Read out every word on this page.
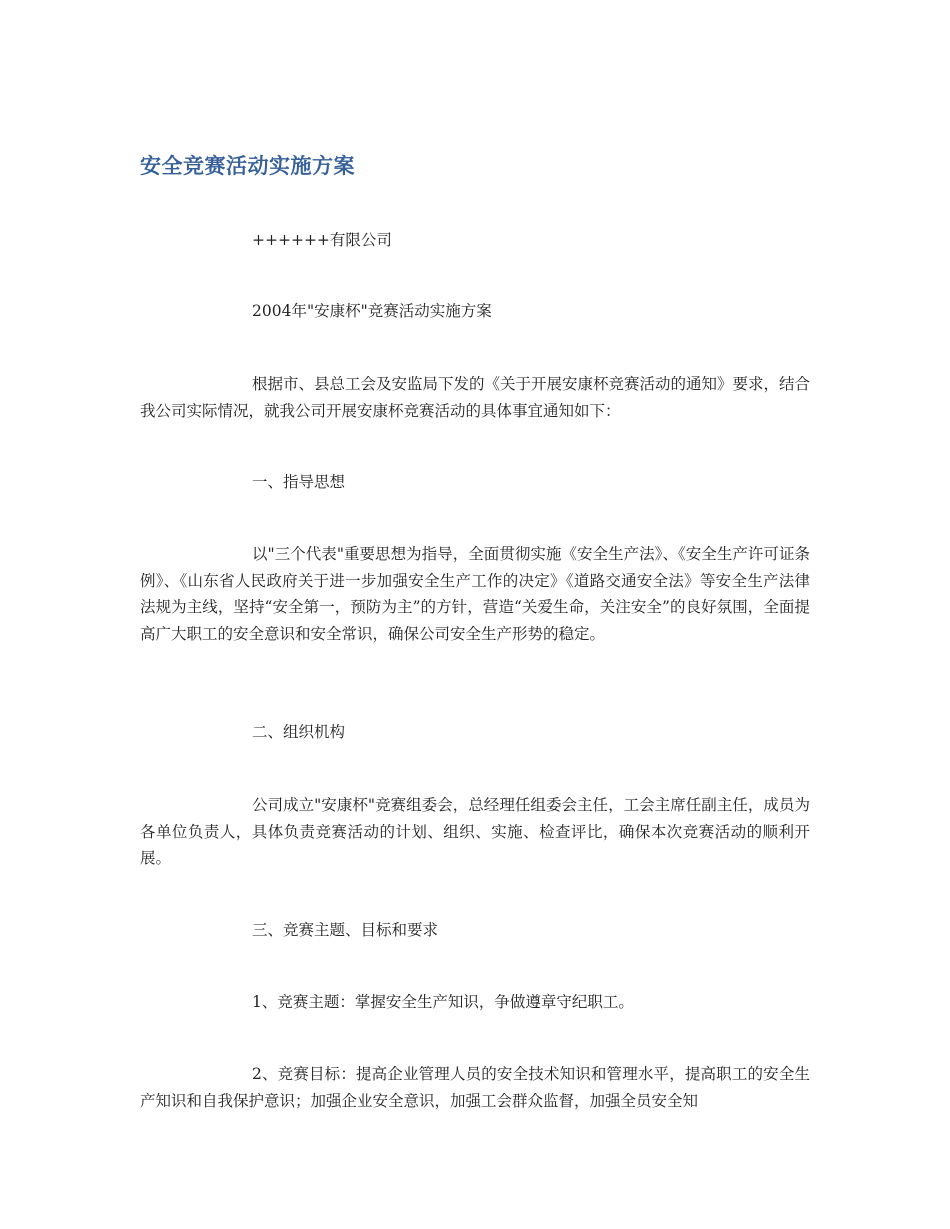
安全竞赛活动实施方案

++++++有限公司

2004年"安康杯"竞赛活动实施方案

根据市、县总工会及安监局下发的《关于开展安康杯竞赛活动的通知》要求，结合我公司实际情况，就我公司开展安康杯竞赛活动的具体事宜通知如下：

一、指导思想

以"三个代表"重要思想为指导，全面贯彻实施《安全生产法》、《安全生产许可证条例》、《山东省人民政府关于进一步加强安全生产工作的决定》《道路交通安全法》等安全生产法律法规为主线，坚持“安全第一，预防为主”的方针，营造“关爱生命，关注安全”的良好氛围，全面提高广大职工的安全意识和安全常识，确保公司安全生产形势的稳定。

二、组织机构

公司成立"安康杯"竞赛组委会，总经理任组委会主任，工会主席任副主任，成员为各单位负责人，具体负责竞赛活动的计划、组织、实施、检查评比，确保本次竞赛活动的顺利开展。

三、竞赛主题、目标和要求

1、竞赛主题：掌握安全生产知识，争做遵章守纪职工。

2、竞赛目标：提高企业管理人员的安全技术知识和管理水平，提高职工的安全生产知识和自我保护意识；加强企业安全意识，加强工会群众监督，加强全员安全知
